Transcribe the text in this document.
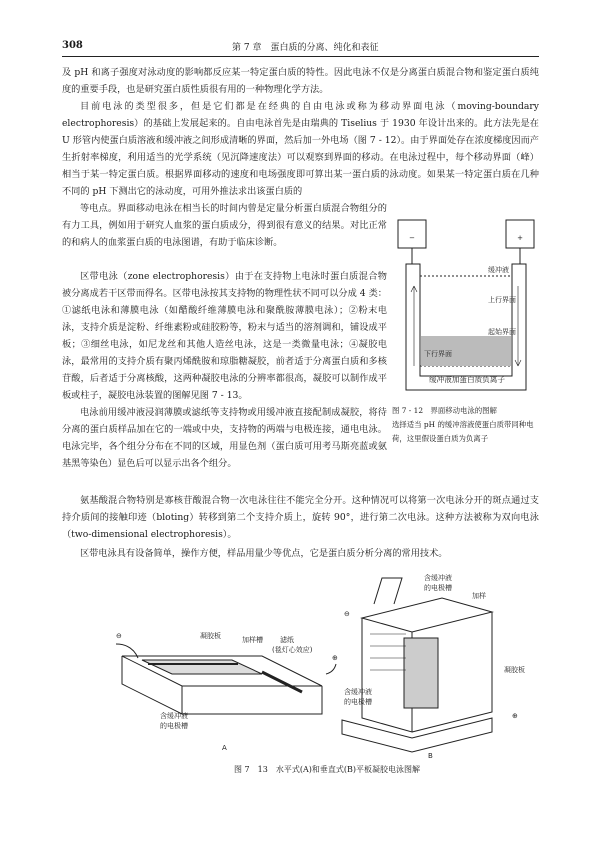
308	第 7 章　蛋白质的分离、纯化和表征

及 pH 和离子强度对泳动度的影响都反应某一特定蛋白质的特性。因此电泳不仅是分离蛋白质混合物和鉴定蛋白质纯度的重要手段，也是研究蛋白质性质很有用的一种物理化学方法。

目前电泳的类型很多，但是它们都是在经典的自由电泳或称为移动界面电泳（moving-boundary electrophoresis）的基础上发展起来的。自由电泳首先是由瑞典的 Tiselius 于 1930 年设计出来的。此方法先是在 U 形管内使蛋白质溶液和缓冲液之间形成清晰的界面，然后加一外电场（图 7 - 12）。由于界面处存在浓度梯度因而产生折射率梯度，利用适当的光学系统（见沉降速度法）可以观察到界面的移动。在电泳过程中，每个移动界面（峰）相当于某一特定蛋白质。根据界面移动的速度和电场强度即可算出某一蛋白质的泳动度。如果某一特定蛋白质在几种不同的 pH 下测出它的泳动度，可用外推法求出该蛋白质的

等电点。界面移动电泳在相当长的时间内曾是定量分析蛋白质混合物组分的有力工具，例如用于研究人血浆的蛋白质成分，得到很有意义的结果。对比正常的和病人的血浆蛋白质的电泳图谱，有助于临床诊断。

区带电泳（zone electrophoresis）由于在支持物上电泳时蛋白质混合物被分离成若干区带而得名。区带电泳按其支持物的物理性状不同可以分成 4 类：①滤纸电泳和薄膜电泳（如醋酸纤维薄膜电泳和聚酰胺薄膜电泳）；②粉末电泳，支持介质是淀粉、纤维素粉或硅胶粉等，粉末与适当的溶剂调和，铺设成平板；③细丝电泳，如尼龙丝和其他人造丝电泳，这是一类微量电泳；④凝胶电泳，最常用的支持介质有聚丙烯酰胺和琼脂糖凝胶，前者适于分离蛋白质和多核苷酸，后者适于分离核酸，这两种凝胶电泳的分辨率都很高，凝胶可以制作成平板或柱子，凝胶电泳装置的图解见图 7 - 13。

电泳前用缓冲液浸润薄膜或滤纸等支持物或用缓冲液直接配制成凝胶，将待分离的蛋白质样品加在它的一端或中央，支持物的两端与电极连接，通电电泳。电泳完毕，各个组分分布在不同的区域，用显色剂（蛋白质可用考马斯亮蓝或氨基黑等染色）显色后可以显示出各个组分。

氨基酸混合物特别是寡核苷酸混合物一次电泳往往不能完全分开。这种情况可以将第一次电泳分开的斑点通过支持介质间的接触印迹（bloting）转移到第二个支持介质上，旋转 90°，进行第二次电泳。这种方法被称为双向电泳（two-dimensional electrophoresis）。

区带电泳具有设备简单，操作方便，样品用量少等优点，它是蛋白质分析分离的常用技术。

−	+
缓冲液
上行界面
起始界面
下行界面
缓冲液加蛋白质负离子
图 7 - 12　界面移动电泳的图解
选择适当 pH 的缓冲溶液使蛋白质带同种电荷，这里假设蛋白质为负离子
⊖
⊕
凝胶板	加样槽 滤纸
(毯灯心效应)
含缓冲液
的电极槽
A
⊖
⊕
含缓冲液
的电极槽
加样
凝胶板
含缓冲液
的电极槽
B
图 7　13　水平式(A)和垂直式(B)平板凝胶电泳图解
